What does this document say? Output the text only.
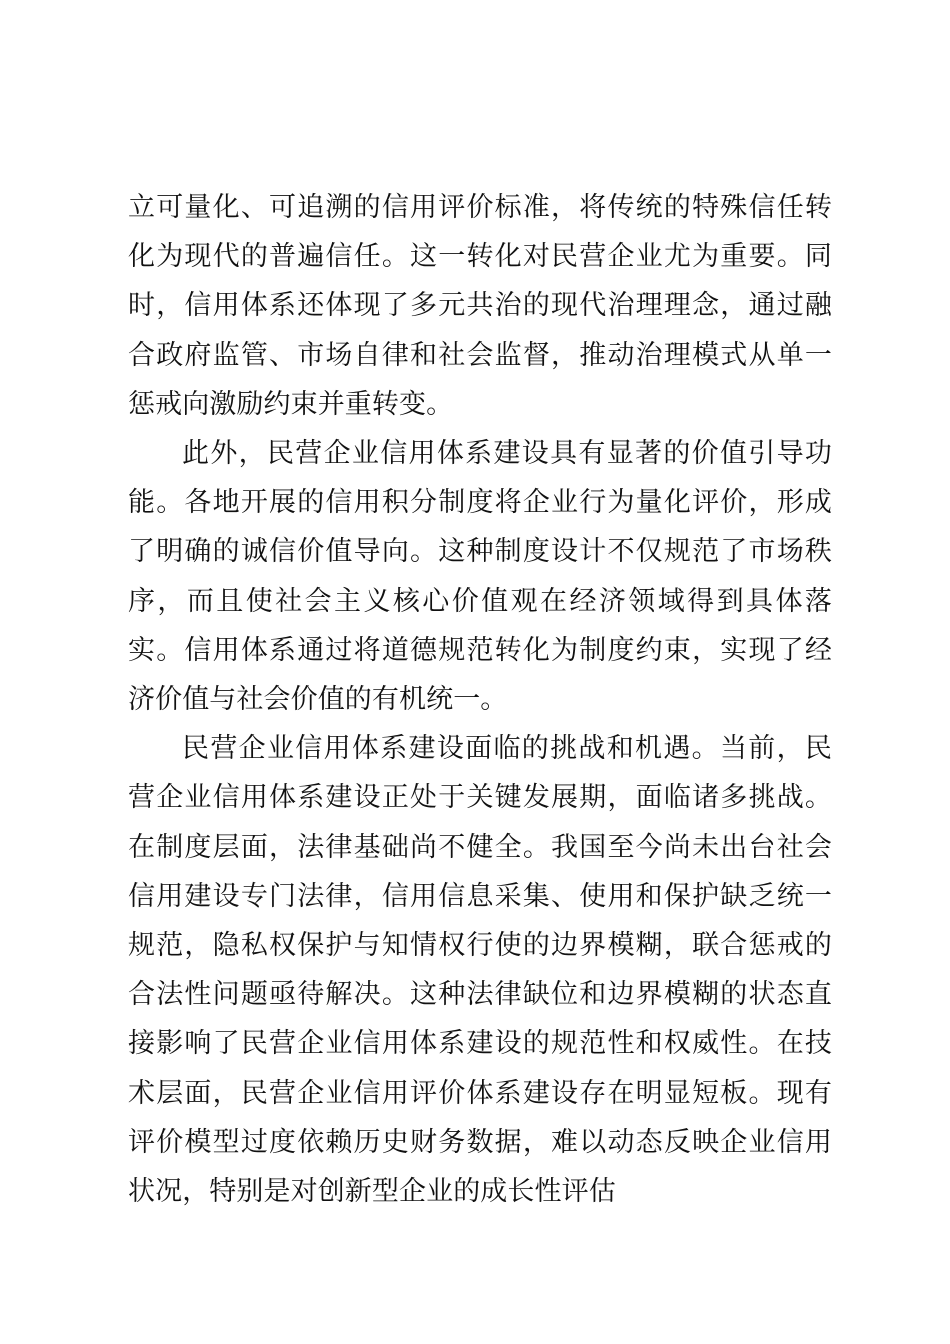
立可量化、可追溯的信用评价标准，将传统的特殊信任转化为现代的普遍信任。这一转化对民营企业尤为重要。同时，信用体系还体现了多元共治的现代治理理念，通过融合政府监管、市场自律和社会监督，推动治理模式从单一惩戒向激励约束并重转变。

此外，民营企业信用体系建设具有显著的价值引导功能。各地开展的信用积分制度将企业行为量化评价，形成了明确的诚信价值导向。这种制度设计不仅规范了市场秩序，而且使社会主义核心价值观在经济领域得到具体落实。信用体系通过将道德规范转化为制度约束，实现了经济价值与社会价值的有机统一。

民营企业信用体系建设面临的挑战和机遇。当前，民营企业信用体系建设正处于关键发展期，面临诸多挑战。在制度层面，法律基础尚不健全。我国至今尚未出台社会信用建设专门法律，信用信息采集、使用和保护缺乏统一规范，隐私权保护与知情权行使的边界模糊，联合惩戒的合法性问题亟待解决。这种法律缺位和边界模糊的状态直接影响了民营企业信用体系建设的规范性和权威性。在技术层面，民营企业信用评价体系建设存在明显短板。现有评价模型过度依赖历史财务数据，难以动态反映企业信用状况，特别是对创新型企业的成长性评估
